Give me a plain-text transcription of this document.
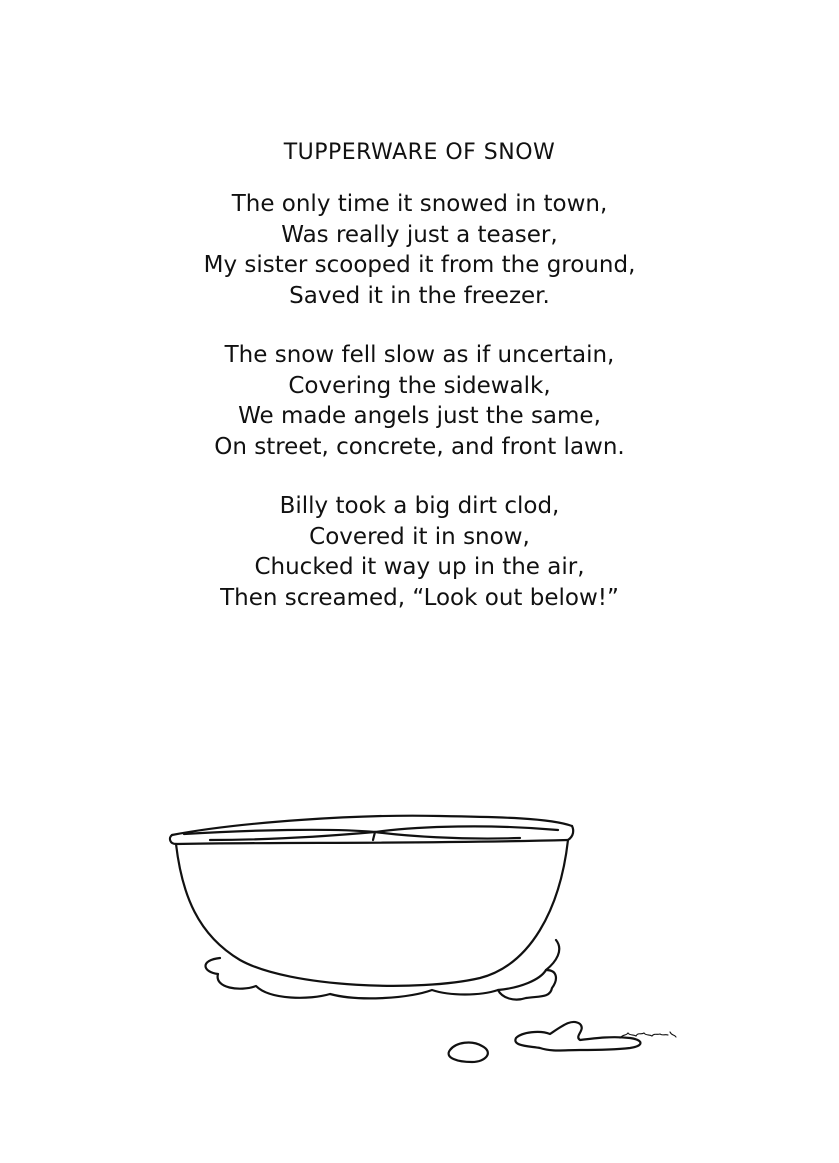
TUPPERWARE OF SNOW
The only time it snowed in town,
Was really just a teaser,
My sister scooped it from the ground,
Saved it in the freezer.
The snow fell slow as if uncertain,
Covering the sidewalk,
We made angels just the same,
On street, concrete, and front lawn.
Billy took a big dirt clod,
Covered it in snow,
Chucked it way up in the air,
Then screamed, “Look out below!”
